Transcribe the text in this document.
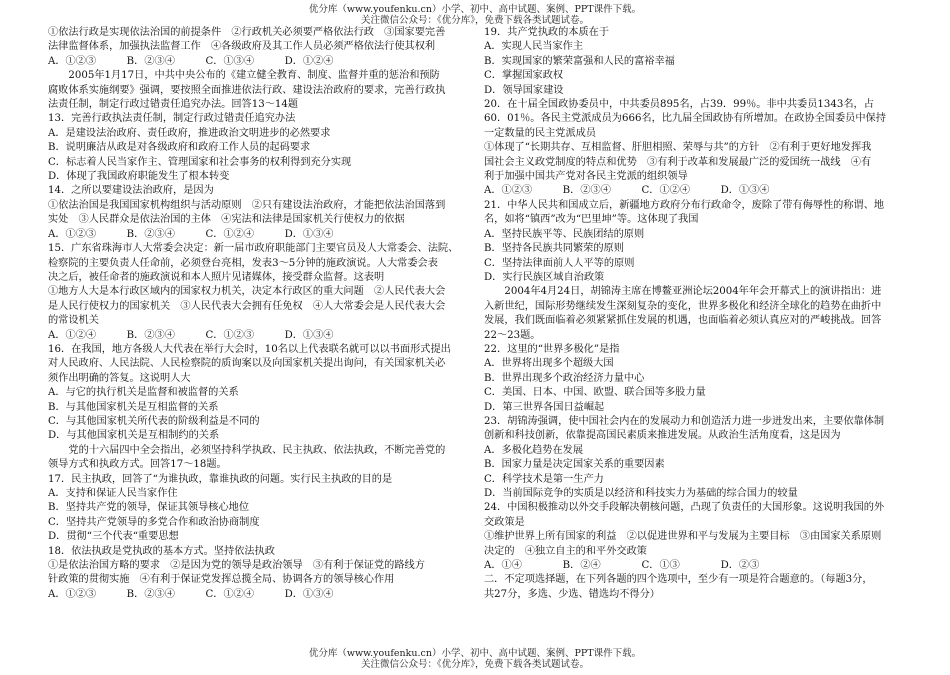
优分库（www.youfenku.cn）小学、初中、高中试题、案例、PPT课件下载。
关注微信公众号：《优分库》，免费下载各类试题试卷。
①依法行政是实现依法治国的前提条件　②行政机关必须要严格依法行政　③国家要完善
法律监督体系，加强执法监督工作　④各级政府及其工作人员必须严格依法行使其权利
A．①②③　　　B．②③④　　　C．①③④　　　D．①②④
2005年1月17日，中共中央公布的《建立健全教育、制度、监督并重的惩治和预防
腐败体系实施纲要》强调，要按照全面推进依法行政、建设法治政府的要求，完善行政执
法责任制，制定行政过错责任追究办法。回答13～14题
13．完善行政执法责任制，制定行政过错责任追究办法
A．是建设法治政府、责任政府，推进政治文明进步的必然要求
B．说明廉洁从政是对各级政府和政府工作人员的起码要求
C．标志着人民当家作主、管理国家和社会事务的权利得到充分实现
D．体现了我国政府职能发生了根本转变
14．之所以要建设法治政府，是因为
①依法治国是我国国家机构组织与活动原则　②只有建设法治政府，才能把依法治国落到
实处　③人民群众是依法治国的主体　④宪法和法律是国家机关行使权力的依据
A．①②③　　　B．②③④　　　C．①②④　　　D．①③④
15．广东省珠海市人大常委会决定：新一届市政府职能部门主要官员及人大常委会、法院、
检察院的主要负责人任命前，必须登台亮相，发表3～5分钟的施政演说。人大常委会表
决之后，被任命者的施政演说和本人照片见诸媒体，接受群众监督。这表明
①地方人大是本行政区域内的国家权力机关，决定本行政区的重大问题　②人民代表大会
是人民行使权力的国家机关　③人民代表大会拥有任免权　④人大常委会是人民代表大会
的常设机关
A．①②④　　　B．②③④　　　C．①②③　　　D．①③④
16．在我国，地方各级人大代表在举行大会时，10名以上代表联名就可以以书面形式提出
对人民政府、人民法院、人民检察院的质询案以及向国家机关提出询问，有关国家机关必
须作出明确的答复。这说明人大
A．与它的执行机关是监督和被监督的关系
B．与其他国家机关是互相监督的关系
C．与其他国家机关所代表的阶级利益是不同的
D．与其他国家机关是互相制约的关系
党的十六届四中全会指出，必须坚持科学执政、民主执政、依法执政，不断完善党的
领导方式和执政方式。回答17～18题。
17．民主执政，回答了“为谁执政，靠谁执政的问题。实行民主执政的目的是
A．支持和保证人民当家作住
B．坚持共产党的领导，保证其领导核心地位
C．坚持共产党领导的多党合作和政治协商制度
D．贯彻“三个代表“重要思想
18．依法执政是党执政的基本方式。坚持依法执政
①是依法治国方略的要求　②是因为党的领导是政治领导　③有利于保证党的路线方
针政策的贯彻实施　④有利于保证党发挥总揽全局、协调各方的领导核心作用
A．①②③　　　B．②③④　　　C．①②④　　　D．①③④
19．共产党执政的本质在于
A．实现人民当家作主
B．实现国家的繁荣富强和人民的富裕幸福
C．掌握国家政权
D．领导国家建设
20．在十届全国政协委员中，中共委员895名，占39．99％。非中共委员1343名，占
60．01％。各民主党派成员为666名，比九届全国政协有所增加。在政协全国委员中保持
一定数量的民主党派成员
①体现了“长期共存、互相监督、肝胆相照、荣辱与共”的方针　②有利于更好地发挥我
国社会主义政党制度的特点和优势　③有利于改革和发展最广泛的爱国统一战线　④有
利于加强中国共产党对各民主党派的组织领导
A．①②③　　　B．②③④　　　C．①②④　　　D．①③④
21．中华人民共和国成立后，新疆地方政府分布行政命令，废除了带有侮辱性的称谓、地
名，如将“镇西”改为“巴里坤”等。这体现了我国
A．坚持民族平等、民族团结的原则
B．坚持各民族共同繁荣的原则
C．坚持法律面前人人平等的原则
D．实行民族区域自治政策
2004年4月24日，胡锦涛主席在博鳌亚洲论坛2004年年会开幕式上的演讲指出：进
入新世纪，国际形势继续发生深刻复杂的变化，世界多极化和经济全球化的趋势在曲折中
发展，我们既面临着必须紧紧抓住发展的机遇，也面临着必须认真应对的严峻挑战。回答
22～23题。
22．这里的“世界多极化”是指
A．世界将出现多个超级大国
B．世界出现多个政治经济力量中心
C．美国、日本、中国、欧盟、联合国等多股力量
D．第三世界各国日益崛起
23．胡锦涛强调，使中国社会内在的发展动力和创造活力进一步迸发出来，主要依靠体制
创新和科技创新，依靠提高国民素质来推进发展。从政治生活角度看，这是因为
A．多极化趋势在发展
B．国家力量是决定国家关系的重要因素
C．科学技术是第一生产力
D．当前国际竞争的实质是以经济和科技实力为基础的综合国力的较量
24．中国积极推动以外交手段解决朝核问题，凸现了负责任的大国形象。这说明我国的外
交政策是
①维护世界上所有国家的利益　②以促进世界和平与发展为主要目标　③由国家关系原则
决定的　④独立自主的和平外交政策
A．①④　　　　B．②④　　　　C．①③　　　　D．②③
二．不定项选择题，在下列各题的四个选项中，至少有一项是符合题意的。（每题3分，
共27分，多选、少选、错选均不得分）
优分库（www.youfenku.cn）小学、初中、高中试题、案例、PPT课件下载。
关注微信公众号：《优分库》，免费下载各类试题试卷。
